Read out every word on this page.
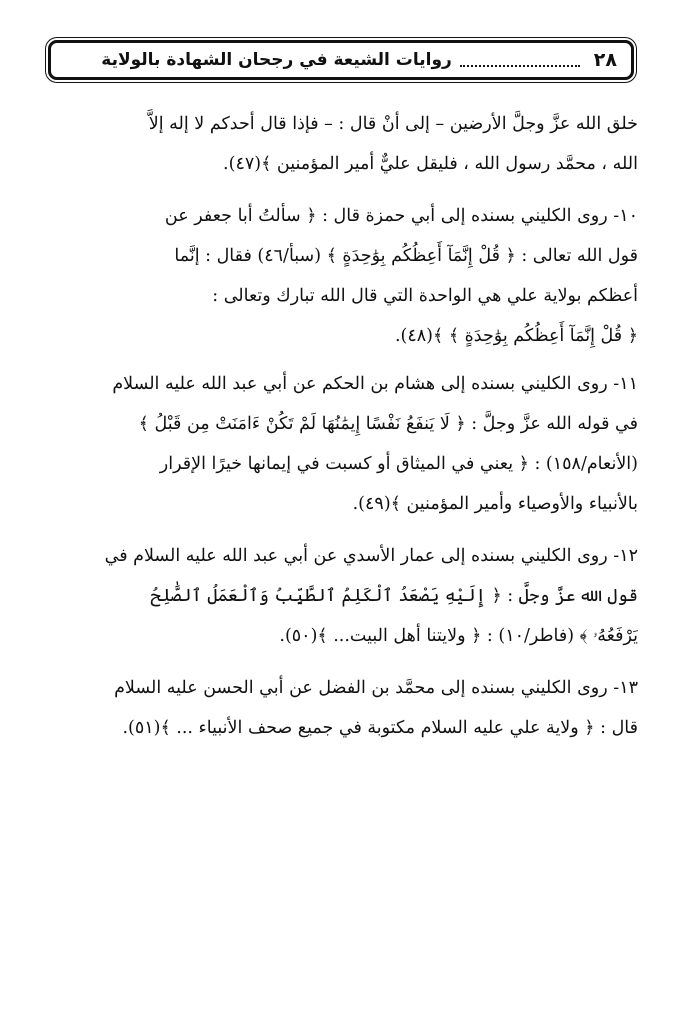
٢٨
روايات الشيعة في رجحان الشهادة بالولاية
خلق الله عزَّ وجلَّ الأرضين – إلى أنْ قال : – فإذا قال أحدكم لا إله إلاَّ
الله ، محمَّد رسول الله ، فليقل عليٌّ أمير المؤمنين ﴾(٤٧).
١٠- روى الكليني بسنده إلى أبي حمزة قال : ﴿ سألتُ أبا جعفر عن
قول الله تعالى : ﴿ قُلْ إِنَّمَآ أَعِظُكُم بِوَٰحِدَةٍ ﴾ (سبأ/٤٦) فقال : إنَّما
أعظكم بولاية علي هي الواحدة التي قال الله تبارك وتعالى :
﴿ قُلْ إِنَّمَآ أَعِظُكُم بِوَٰحِدَةٍ ﴾ ﴾(٤٨).
١١- روى الكليني بسنده إلى هشام بن الحكم عن أبي عبد الله عليه السلام
في قوله الله عزَّ وجلَّ : ﴿ لَا يَنفَعُ نَفْسًا إِيمَٰنُهَا لَمْ تَكُنْ ءَامَنَتْ مِن قَبْلُ ﴾
(الأنعام/١٥٨) : ﴿ يعني في الميثاق أو كسبت في إيمانها خيرًا الإقرار
بالأنبياء والأوصياء وأمير المؤمنين ﴾(٤٩).
١٢- روى الكليني بسنده إلى عمار الأسدي عن أبي عبد الله عليه السلام في
قول الله عزَّ وجلَّ : ﴿ إِلَيْهِ يَصْعَدُ ٱلْكَلِمُ ٱلطَّيِّبُ وَٱلْعَمَلُ ٱلصَّٰلِحُ
يَرْفَعُهُۥ ﴾ (فاطر/١٠) : ﴿ ولايتنا أهل البيت... ﴾(٥٠).
١٣- روى الكليني بسنده إلى محمَّد بن الفضل عن أبي الحسن عليه السلام
قال : ﴿ ولاية علي عليه السلام مكتوبة في جميع صحف الأنبياء ... ﴾(٥١).
